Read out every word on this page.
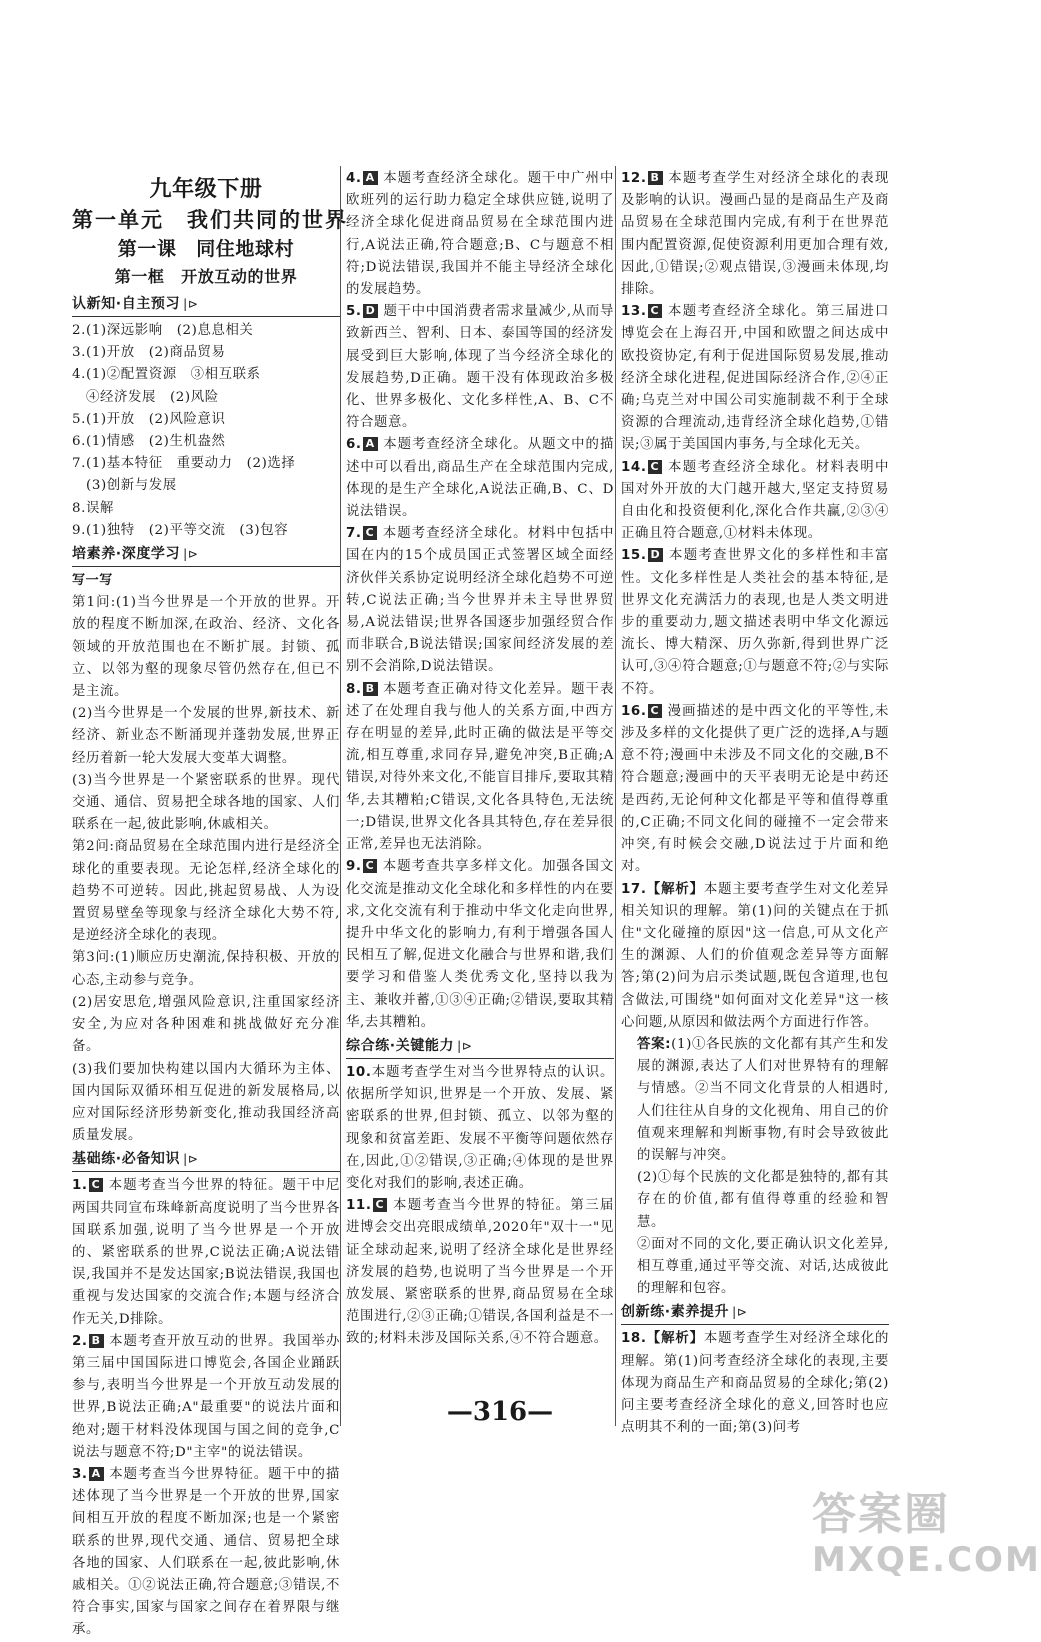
九年级下册
第一单元　我们共同的世界
第一课　同住地球村
第一框　开放互动的世界
认新知·自主预习 |⊳
2.(1)深远影响　(2)息息相关
3.(1)开放　(2)商品贸易
4.(1)②配置资源　③相互联系
④经济发展　(2)风险
5.(1)开放　(2)风险意识
6.(1)情感　(2)生机盎然
7.(1)基本特征　重要动力　(2)选择
(3)创新与发展
8.误解
9.(1)独特　(2)平等交流　(3)包容
培素养·深度学习 |⊳
写一写

第1问:(1)当今世界是一个开放的世界。开放的程度不断加深,在政治、经济、文化各领域的开放范围也在不断扩展。封锁、孤立、以邻为壑的现象尽管仍然存在,但已不是主流。

(2)当今世界是一个发展的世界,新技术、新经济、新业态不断涌现并蓬勃发展,世界正经历着新一轮大发展大变革大调整。

(3)当今世界是一个紧密联系的世界。现代交通、通信、贸易把全球各地的国家、人们联系在一起,彼此影响,休戚相关。

第2问:商品贸易在全球范围内进行是经济全球化的重要表现。无论怎样,经济全球化的趋势不可逆转。因此,挑起贸易战、人为设置贸易壁垒等现象与经济全球化大势不符,是逆经济全球化的表现。

第3问:(1)顺应历史潮流,保持积极、开放的心态,主动参与竞争。

(2)居安思危,增强风险意识,注重国家经济安全,为应对各种困难和挑战做好充分准备。

(3)我们要加快构建以国内大循环为主体、国内国际双循环相互促进的新发展格局,以应对国际经济形势新变化,推动我国经济高质量发展。

基础练·必备知识 |⊳

1. C 本题考查当今世界的特征。题干中尼两国共同宣布珠峰新高度说明了当今世界各国联系加强,说明了当今世界是一个开放的、紧密联系的世界,C说法正确;A说法错误,我国并不是发达国家;B说法错误,我国也重视与发达国家的交流合作;本题与经济合作无关,D排除。

2. B 本题考查开放互动的世界。我国举办第三届中国国际进口博览会,各国企业踊跃参与,表明当今世界是一个开放互动发展的世界,B说法正确;A"最重要"的说法片面和绝对;题干材料没体现国与国之间的竞争,C说法与题意不符;D"主宰"的说法错误。

3. A 本题考查当今世界特征。题干中的描述体现了当今世界是一个开放的世界,国家间相互开放的程度不断加深;也是一个紧密联系的世界,现代交通、通信、贸易把全球各地的国家、人们联系在一起,彼此影响,休戚相关。①②说法正确,符合题意;③错误,不符合事实,国家与国家之间存在着界限与继承。

4. A 本题考查经济全球化。题干中广州中欧班列的运行助力稳定全球供应链,说明了经济全球化促进商品贸易在全球范围内进行,A说法正确,符合题意;B、C与题意不相符;D说法错误,我国并不能主导经济全球化的发展趋势。

5. D 题干中中国消费者需求量减少,从而导致新西兰、智利、日本、泰国等国的经济发展受到巨大影响,体现了当今经济全球化的发展趋势,D正确。题干没有体现政治多极化、世界多极化、文化多样性,A、B、C不符合题意。

6. A 本题考查经济全球化。从题文中的描述中可以看出,商品生产在全球范围内完成,体现的是生产全球化,A说法正确,B、C、D说法错误。

7. C 本题考查经济全球化。材料中包括中国在内的15个成员国正式签署区域全面经济伙伴关系协定说明经济全球化趋势不可逆转,C说法正确;当今世界并未主导世界贸易,A说法错误;世界各国逐步加强经贸合作而非联合,B说法错误;国家间经济发展的差别不会消除,D说法错误。

8. B 本题考查正确对待文化差异。题干表述了在处理自我与他人的关系方面,中西方存在明显的差异,此时正确的做法是平等交流,相互尊重,求同存异,避免冲突,B正确;A错误,对待外来文化,不能盲目排斥,要取其精华,去其糟粕;C错误,文化各具特色,无法统一;D错误,世界文化各具其特色,存在差异很正常,差异也无法消除。

9. C 本题考查共享多样文化。加强各国文化交流是推动文化全球化和多样性的内在要求,文化交流有利于推动中华文化走向世界,提升中华文化的影响力,有利于增强各国人民相互了解,促进文化融合与世界和谐,我们要学习和借鉴人类优秀文化,坚持以我为主、兼收并蓄,①③④正确;②错误,要取其精华,去其糟粕。

综合练·关键能力 |⊳

10.本题考查学生对当今世界特点的认识。依据所学知识,世界是一个开放、发展、紧密联系的世界,但封锁、孤立、以邻为壑的现象和贫富差距、发展不平衡等问题依然存在,因此,①②错误,③正确;④体现的是世界变化对我们的影响,表述正确。

11. C 本题考查当今世界的特征。第三届进博会交出亮眼成绩单,2020年"双十一"见证全球动起来,说明了经济全球化是世界经济发展的趋势,也说明了当今世界是一个开放发展、紧密联系的世界,商品贸易在全球范围进行,②③正确;①错误,各国利益是不一致的;材料未涉及国际关系,④不符合题意。

12. B 本题考查学生对经济全球化的表现及影响的认识。漫画凸显的是商品生产及商品贸易在全球范围内完成,有利于在世界范围内配置资源,促使资源利用更加合理有效,因此,①错误;②观点错误,③漫画未体现,均排除。

13. C 本题考查经济全球化。第三届进口博览会在上海召开,中国和欧盟之间达成中欧投资协定,有利于促进国际贸易发展,推动经济全球化进程,促进国际经济合作,②④正确;乌克兰对中国公司实施制裁不利于全球资源的合理流动,违背经济全球化趋势,①错误;③属于美国国内事务,与全球化无关。

14. C 本题考查经济全球化。材料表明中国对外开放的大门越开越大,坚定支持贸易自由化和投资便利化,深化合作共赢,②③④正确且符合题意,①材料未体现。

15. D 本题考查世界文化的多样性和丰富性。文化多样性是人类社会的基本特征,是世界文化充满活力的表现,也是人类文明进步的重要动力,题文描述表明中华文化源远流长、博大精深、历久弥新,得到世界广泛认可,③④符合题意;①与题意不符;②与实际不符。

16. C 漫画描述的是中西文化的平等性,未涉及多样的文化提供了更广泛的选择,A与题意不符;漫画中未涉及不同文化的交融,B不符合题意;漫画中的天平表明无论是中药还是西药,无论何种文化都是平等和值得尊重的,C正确;不同文化间的碰撞不一定会带来冲突,有时候会交融,D说法过于片面和绝对。

17.【解析】本题主要考查学生对文化差异相关知识的理解。第(1)问的关键点在于抓住"文化碰撞的原因"这一信息,可从文化产生的渊源、人们的价值观念差异等方面解答;第(2)问为启示类试题,既包含道理,也包含做法,可围绕"如何面对文化差异"这一核心问题,从原因和做法两个方面进行作答。

答案:(1)①各民族的文化都有其产生和发展的渊源,表达了人们对世界特有的理解与情感。②当不同文化背景的人相遇时,人们往往从自身的文化视角、用自己的价值观来理解和判断事物,有时会导致彼此的误解与冲突。

(2)①每个民族的文化都是独特的,都有其存在的价值,都有值得尊重的经验和智慧。

②面对不同的文化,要正确认识文化差异,相互尊重,通过平等交流、对话,达成彼此的理解和包容。

创新练·素养提升 |⊳

18.【解析】本题考查学生对经济全球化的理解。第(1)问考查经济全球化的表现,主要体现为商品生产和商品贸易的全球化;第(2)问主要考查经济全球化的意义,回答时也应点明其不利的一面;第(3)问考

—316—
答案圈
MXQE.COM
